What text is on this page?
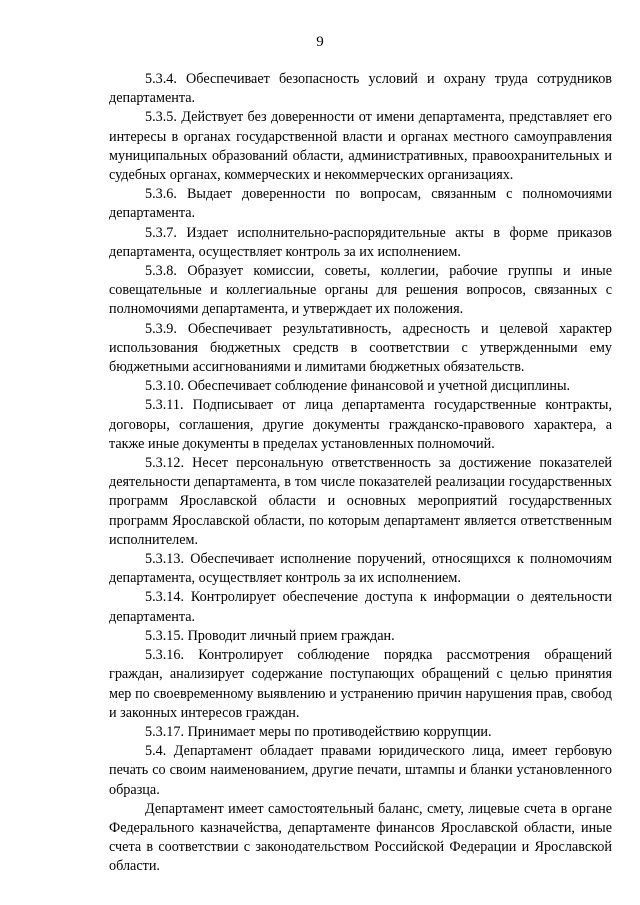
9

5.3.4. Обеспечивает безопасность условий и охрану труда сотрудников департамента.

5.3.5. Действует без доверенности от имени департамента, представляет его интересы в органах государственной власти и органах местного самоуправления муниципальных образований области, административных, правоохранительных и судебных органах, коммерческих и некоммерческих организациях.

5.3.6. Выдает доверенности по вопросам, связанным с полномочиями департамента.

5.3.7. Издает исполнительно-распорядительные акты в форме приказов департамента, осуществляет контроль за их исполнением.

5.3.8. Образует комиссии, советы, коллегии, рабочие группы и иные совещательные и коллегиальные органы для решения вопросов, связанных с полномочиями департамента, и утверждает их положения.

5.3.9. Обеспечивает результативность, адресность и целевой характер использования бюджетных средств в соответствии с утвержденными ему бюджетными ассигнованиями и лимитами бюджетных обязательств.

5.3.10. Обеспечивает соблюдение финансовой и учетной дисциплины.

5.3.11. Подписывает от лица департамента государственные контракты, договоры, соглашения, другие документы гражданско-правового характера, а также иные документы в пределах установленных полномочий.

5.3.12. Несет персональную ответственность за достижение показателей деятельности департамента, в том числе показателей реализации государственных программ Ярославской области и основных мероприятий государственных программ Ярославской области, по которым департамент является ответственным исполнителем.

5.3.13. Обеспечивает исполнение поручений, относящихся к полномочиям департамента, осуществляет контроль за их исполнением.

5.3.14. Контролирует обеспечение доступа к информации о деятельности департамента.

5.3.15. Проводит личный прием граждан.

5.3.16. Контролирует соблюдение порядка рассмотрения обращений граждан, анализирует содержание поступающих обращений с целью принятия мер по своевременному выявлению и устранению причин нарушения прав, свобод и законных интересов граждан.

5.3.17. Принимает меры по противодействию коррупции.

5.4. Департамент обладает правами юридического лица, имеет гербовую печать со своим наименованием, другие печати, штампы и бланки установленного образца.

Департамент имеет самостоятельный баланс, смету, лицевые счета в органе Федерального казначейства, департаменте финансов Ярославской области, иные счета в соответствии с законодательством Российской Федерации и Ярославской области.
